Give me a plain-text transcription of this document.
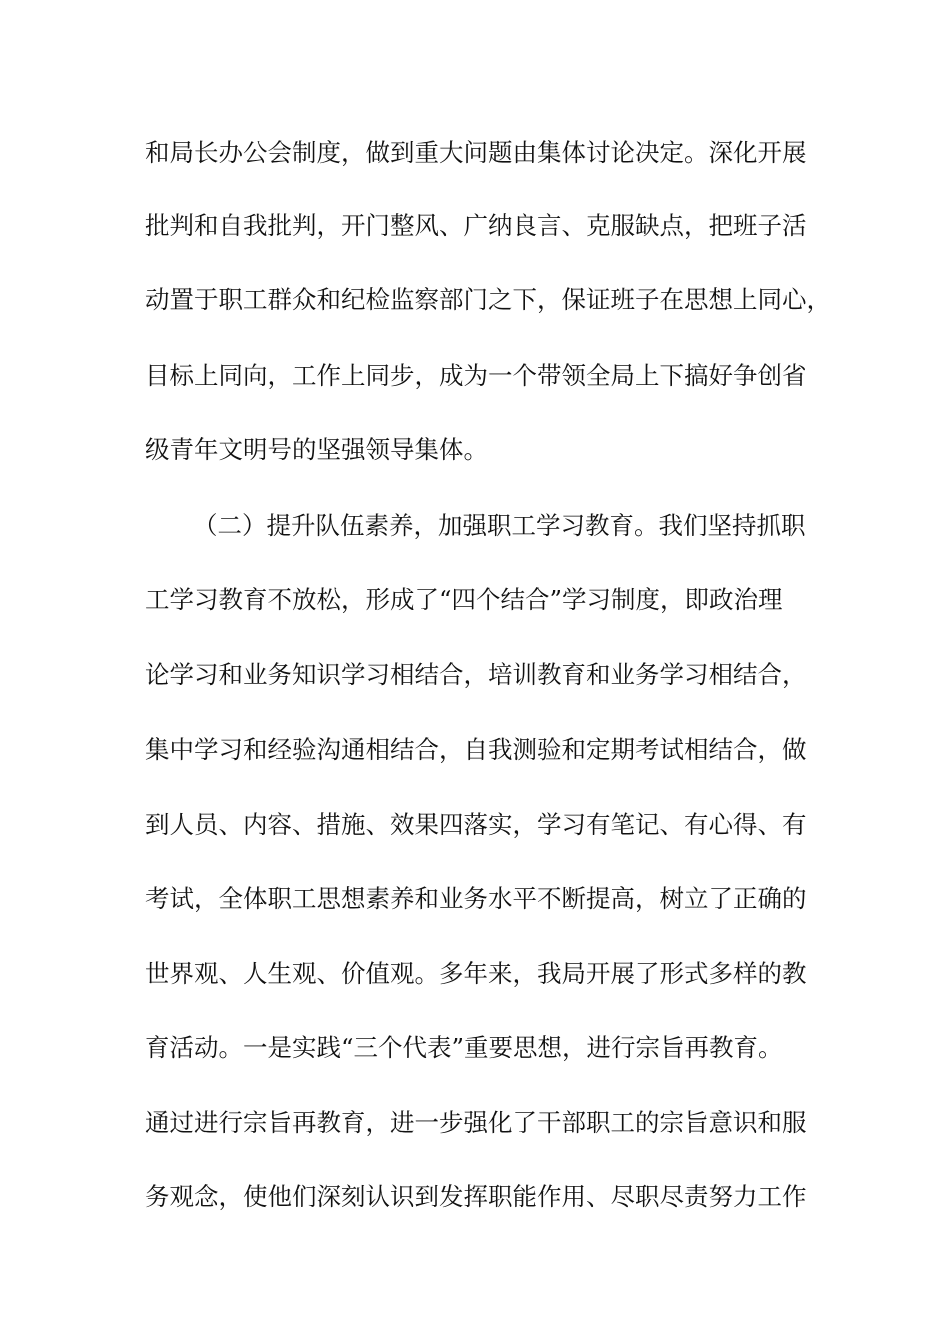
和局长办公会制度，做到重大问题由集体讨论决定。深化开展
批判和自我批判，开门整风、广纳良言、克服缺点，把班子活
动置于职工群众和纪检监察部门之下，保证班子在思想上同心，
目标上同向，工作上同步，成为一个带领全局上下搞好争创省
级青年文明号的坚强领导集体。
（二）提升队伍素养，加强职工学习教育。我们坚持抓职
工学习教育不放松，形成了“四个结合”学习制度，即政治理
论学习和业务知识学习相结合，培训教育和业务学习相结合，
集中学习和经验沟通相结合，自我测验和定期考试相结合，做
到人员、内容、措施、效果四落实，学习有笔记、有心得、有
考试，全体职工思想素养和业务水平不断提高，树立了正确的
世界观、人生观、价值观。多年来，我局开展了形式多样的教
育活动。一是实践“三个代表”重要思想，进行宗旨再教育。
通过进行宗旨再教育，进一步强化了干部职工的宗旨意识和服
务观念，使他们深刻认识到发挥职能作用、尽职尽责努力工作
